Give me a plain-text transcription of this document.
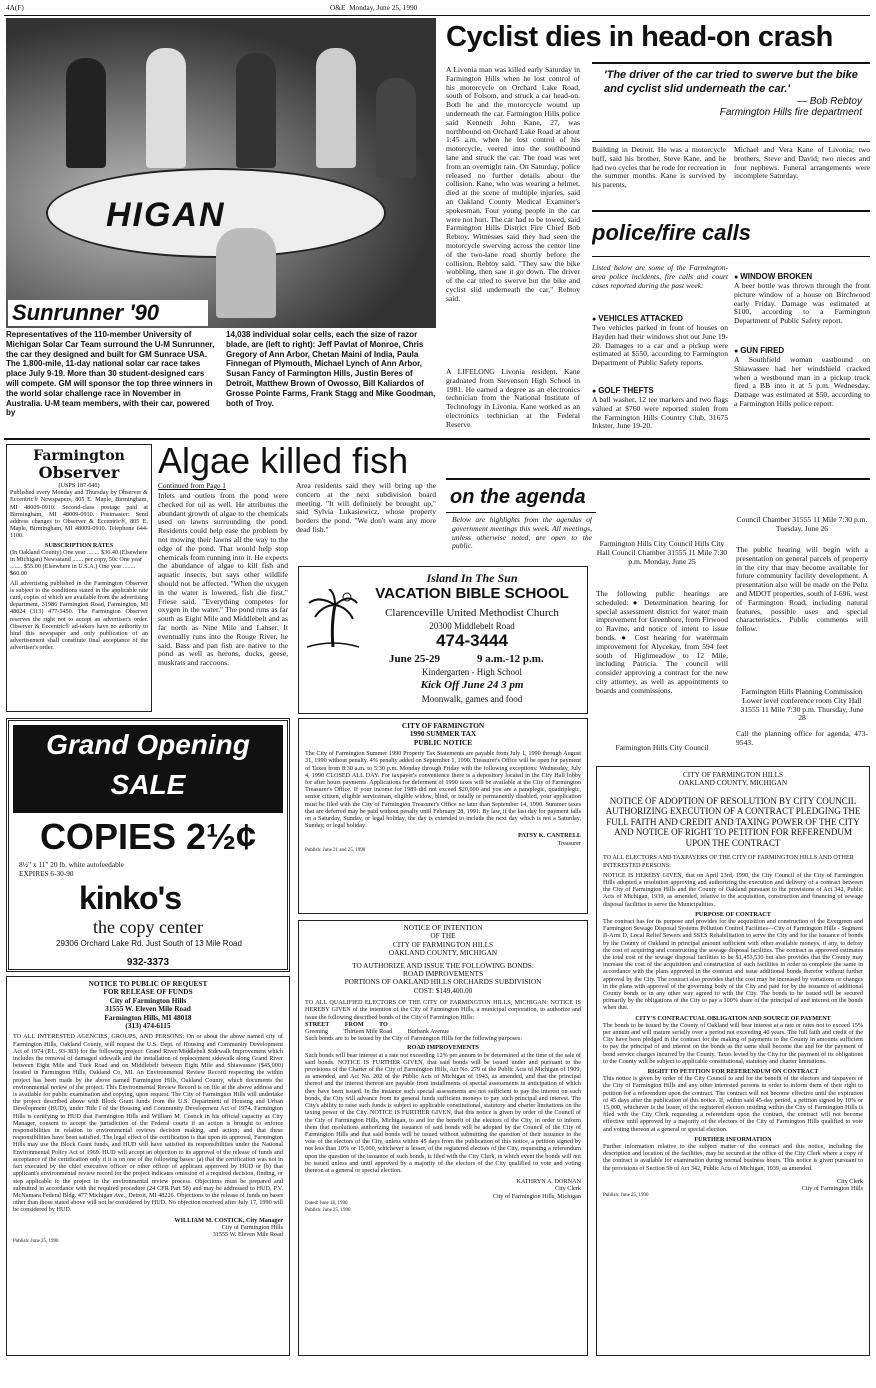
4A(F)	O&E Monday, June 25, 1990
HIGAN
Sunrunner '90
Representatives of the 110-member University of Michigan Solar Car Team surround the U-M Sunrunner, the car they designed and built for GM Sunrace USA. The 1,800-mile, 11-day national solar car race takes place July 9-19. More than 30 student-designed cars will compete. GM will sponsor the top three winners in the world solar challenge race in November in Australia. U-M team members, with their car, powered by
14,038 individual solar cells, each the size of razor blade, are (left to right): Jeff Pavlat of Monroe, Chris Gregory of Ann Arbor, Chetan Maini of India, Paula Finnegan of Plymouth, Michael Lynch of Ann Arbor, Susan Fancy of Farmington Hills, Justin Beres of Detroit, Matthew Brown of Owosso, Bill Kaliardos of Grosse Pointe Farms, Frank Stagg and Mike Goodman, both of Troy.
Cyclist dies in head-on crash
A Livonia man was killed early Saturday in Farmington Hills when he lost control of his motorcycle on Orchard Lake Road, south of Folsom, and struck a car head-on. Both he and the motorcycle wound up underneath the car. Farmington Hills police said Kenneth John Kane, 27, was northbound on Orchard Lake Road at about 1:45 a.m. when he lost control of his motorcycle, veered into the southbound lane and struck the car. The road was wet from an overnight rain. On Saturday, police released no further details about the collision. Kane, who was wearing a helmet, died at the scene of multiple injuries, said an Oakland County Medical Examiner's spokesman. Four young people in the car were not hurt. The car had to be towed, said Farmington Hills District Fire Chief Bob Rebtoy. Witnesses said they had seen the motorcycle swerving across the center line of the two-lane road shortly before the collision, Rebtoy said. "They saw the bike wobbling, then saw it go down. The driver of the car tried to swerve but the bike and cyclist slid underneath the car," Rebtoy said.
'The driver of the car tried to swerve but the bike and cyclist slid underneath the car.'
— Bob Rebtoy
Farmington Hills fire department
Building in Detroit. He was a motorcycle buff, said his brother, Steve Kane, and he had two cycles that he rode for recreation in the summer months. Kane is survived by his parents,
Michael and Vera Kane of Livonia; two brothers, Steve and David; two nieces and four nephews. Funeral arrangements were incomplete Saturday.
A LIFELONG Livonia resident, Kane graduated from Stevenson High School in 1981. He earned a degree as an electronics technician from the National Institute of Technology in Livonia. Kane worked as an electronics technician at the Federal Reserve
police/fire calls
Listed below are some of the Farmington-area police incidents, fire calls and court cases reported during the past week:
● VEHICLES ATTACKED
Two vehicles parked in front of houses on Hayden had their windows shot out June 19-20. Damages to a car and a pickup were estimated at $550, according to Farmington Department of Public Safety reports.
● GOLF THEFTS
A ball washer, 12 tee markers and two flags valued at $760 were reported stolen from the Farmington Hills Country Club, 31675 Inkster, June 19-20.
● WINDOW BROKEN
A beer bottle was thrown through the front picture window of a house on Birchwood early Friday. Damage was estimated at $100, according to a Farmington Department of Public Safety report.
● GUN FIRED
A Southfield woman eastbound on Shiawassee had her windshield cracked when a westbound man in a pickup truck fired a BB into it at 5 p.m. Wednesday. Damage was estimated at $50, according to a Farmington Hills police report.
Farmington
Observer
(USPS 187-640)
Published every Monday and Thursday by Observer & Eccentric® Newspapers, 805 E. Maple, Birmingham, MI 48009-0910. Second-class postage paid at Birmingham, MI 48009-0910. Postmaster: Send address changes to Observer & Eccentric®, 805 E. Maple, Birmingham, MI 48009-0910. Telephone 644-1100.
SUBSCRIPTION RATES
(In Oakland County) One year ........ $36.40 (Elsewhere in Michigan) Newsstand ....... per copy, 50c One year ........ $55.00 (Elsewhere in U.S.A.) One year ........ $60.00
All advertising published in the Farmington Observer is subject to the conditions stated in the applicable rate card, copies of which are available from the advertising department, 31986 Farmington Road, Farmington, MI 48024 (313) 477-5450. The Farmington Observer reserves the right not to accept an advertiser's order. Observer & Eccentric® ad-takers have no authority to bind this newspaper and only publication of an advertisement shall constitute final acceptance of the advertiser's order.
Algae killed fish
Continued from Page 1
Inlets and outlets from the pond were checked for oil as well. He attributes the abundant growth of algae to the chemicals used on lawns surrounding the pond. Residents could help ease the problem by not mowing their lawns all the way to the edge of the pond. That would help stop chemicals from running into it. He expects the abundance of algae to kill fish and aquatic insects, but says other wildlife should not be affected. "When the oxygen in the water is lowered, fish die first," Friese said. "Everything competes for oxygen in the water." The pond runs as far south as Eight Mile and Middlebelt and as far north as Nine Mile and Lahser. It eventually runs into the Rouge River, he said. Bass and pan fish are native to the pond as well as herons, ducks, geese, muskrats and raccoons.
Area residents said they will bring up the concern at the next subdivision board meeting. "It will definitely be brought up," said Sylvia Lukasiewicz, whose property borders the pond. "We don't want any more dead fish."
on the agenda
Below are highlights from the agendas of government meetings this week. All meetings, unless otherwise noted, are open to the public.	Farmington Hills City Council Hills City Hall Council Chamber 31555 11 Mile 7:30 p.m. Monday, June 25
The following public hearings are scheduled: ● Determination hearing for special assessment district for water main improvement for Greenbore, from Firwood to Ravine, and notice of intent to issue bonds. ● Cost hearing for watermain improvement for Alycekay, from 594 feet south of Highmeadow to 12 Mile, including Patricia. The council will consider approving a contract for the new city attorney, as well as appointments to boards and commissions.
Farmington Hills City Council
Council Chamber 31555 11 Mile 7:30 p.m. Tuesday, June 26
The public hearing will begin with a presentation on general parcels of property in the city that may become available for future community facility development. A presentation also will be made on the Peltz and MDOT properties, south of I-696, west of Farmington Road, including natural features, possible uses and special characteristics. Public comments will follow.
Farmington Hills Planning Commission Lower level conference room City Hall 31555 11 Mile 7:30 p.m. Thursday, June 28
Call the planning office for agenda, 473-9543.
Island In The Sun
VACATION BIBLE SCHOOL
Clarenceville United Methodist Church
20300 Middlebelt Road
474-3444
June 25-29	9 a.m.-12 p.m.
Kindergarten - High School
Kick Off June 24 3 pm
Moonwalk, games and food
Grand Opening
SALE
COPIES 2½¢
8½" x 11" 20 lb. white autofeedable
EXPIRES 6-30-90
kinko's
the copy center
29306 Orchard Lake Rd. Just South of 13 Mile Road
932-3373
CITY OF FARMINGTON
1990 SUMMER TAX
PUBLIC NOTICE
The City of Farmington Summer 1990 Property Tax Statements are payable from July 1, 1990 through August 31, 1990 without penalty. 4% penalty added on September 1, 1990. Treasurer's Office will be open for payment of Taxes from 8:30 a.m. to 5:30 p.m. Monday through Friday with the following exceptions: Wednesday, July 4, 1990 CLOSED ALL DAY. For taxpayer's convenience there is a depository located in the City Hall lobby for after hours payments. Applications for deferment of 1990 taxes will be available at the City of Farmington Treasurer's Office. If your income for 1989 did not exceed $20,000 and you are a paraplegic, quadriplegic, senior citizen, eligible serviceman, eligible widow, blind, or totally or permanently disabled, your application must be filed with the City of Farmington Treasurer's Office no later than September 14, 1990. Summer taxes that are deferred may be paid without penalty until February 28, 1991. By law, if the last day for payment falls on a Saturday, Sunday, or legal holiday, the day is extended to include the next day which is not a Saturday, Sunday, or legal holiday.
PATSY K. CANTRELL
Treasurer
Publish: June 21 and 25, 1990
NOTICE TO PUBLIC OF REQUEST
FOR RELEASE OF FUNDS
City of Farmington Hills
31555 W. Eleven Mile Road
Farmington Hills, MI 48018
(313) 474-6115
TO ALL INTERESTED AGENCIES, GROUPS, AND PERSONS: On or about the above named city of Farmington Hills, Oakland County, will request the U.S. Dept. of Housing and Community Development Act of 1974 (P.L. 93-383) for the following project: Grand River/Middlebelt Sidewalk Improvement which includes the removal of damaged sidewalk and the installation of replacement sidewalk along Grand River between Eight Mile and Tuck Road and on Middlebelt between Eight Mile and Shiawassee ($45,000) located in Farmington Hills, Oakland Co, MI. An Environmental Review Record respecting the within project has been made by the above named Farmington Hills, Oakland County, which documents the environmental review of the project. This Environmental Review Record is on file at the above address and is available for public examination and copying, upon request. The City of Farmington Hills will undertake the project described above with Block Grant funds from the U.S. Department of Housing and Urban Development (HUD), under Title I of the Housing and Community Development Act of 1974. Farmington Hills is certifying to HUD that Farmington Hills and William M. Costick in his official capacity as City Manager, consent to accept the jurisdiction of the Federal courts if an action is brought to enforce responsibilities in relation to environmental reviews decision making, and action; and that these responsibilities have been satisfied. The legal effect of the certification is that upon its approval, Farmington Hills may use the Block Grant funds, and HUD will have satisfied its responsibilities under the National Environmental Policy Act of 1969. HUD will accept an objection to its approval of the release of funds and acceptance of the certification only if it is on one of the following bases: (a) that the certification was not in fact executed by the chief executive officer or other officer of applicant approved by HUD or (b) that applicant's environmental review record for the project indicates omission of a required decision, finding, or step applicable to the project in the environmental review process. Objections must be prepared and submitted in accordance with the required procedure (24 CFR Part 58) and may be addressed to HUD, P.V. McNamara Federal Bldg. 477 Michigan Ave., Detroit, MI 48226. Objections to the release of funds on bases other than those stated above will not be considered by HUD. No objection received after July 17, 1990 will be considered by HUD.
WILLIAM M. COSTICK, City Manager
City of Farmington Hills
31555 W. Eleven Mile Road
Publish: June 25, 1990
NOTICE OF INTENTION
OF THE
CITY OF FARMINGTON HILLS
OAKLAND COUNTY, MICHIGAN
TO AUTHORIZE AND ISSUE THE FOLLOWING BONDS:
ROAD IMPROVEMENTS
PORTIONS OF OAKLAND HILLS ORCHARDS SUBDIVISION
COST: $149,400.00
TO ALL QUALIFIED ELECTORS OF THE CITY OF FARMINGTON HILLS, MICHIGAN: NOTICE IS HEREBY GIVEN of the intention of the City of Farmington Hills, a municipal corporation, to authorize and issue the following described bonds of the City of Farmington Hills:
STREET          FROM          TO
Greening          Thirteen Mile Road          Burbank Avenue
Such bonds are to be issued by the City of Farmington Hills for the following purposes:
ROAD IMPROVEMENTS
Such bonds will bear interest at a rate not exceeding 12% per annum to be determined at the time of the sale of said bonds. NOTICE IS FURTHER GIVEN, that said bonds will be issued under and pursuant to the provisions of the Charter of the City of Farmington Hills, Act No. 279 of the Public Acts of Michigan of 1909, as amended, and Act No. 202 of the Public Acts of Michigan of 1943, as amended, and that the principal thereof and the interest thereon are payable from installments of special assessments in anticipation of which they have been issued. In the instance such special assessments are not sufficient to pay the interest on such bonds, the City will advance from its general funds sufficient moneys to pay such principal and interest. The City's ability to raise such funds is subject to applicable constitutional, statutory and charter limitations on the taxing power of the City. NOTICE IS FURTHER GIVEN, that this notice is given by order of the Council of the City of Farmington Hills, Michigan, to and for the benefit of the electors of the City, in order to inform them that resolutions authorizing the issuance of said bonds will be adopted by the Council of the City of Farmington Hills and that said bonds will be issued without submitting the question of their issuance to the vote of the electors of the City, unless within 45 days from the publication of this notice, a petition signed by not less than 10% or 15,000, whichever is lesser, of the registered electors of the City, requesting a referendum upon the question of the issuance of such bonds, is filed with the City Clerk, in which event the bonds will not be issued unless and until approved by a majority of the electors of the City qualified to vote and voting thereon at a general or special election.
KATHRYN A. DORNAN
City Clerk
City of Farmington Hills, Michigan
Dated: June 18, 1990
Publish: June 25, 1990
CITY OF FARMINGTON HILLS
OAKLAND COUNTY, MICHIGAN
NOTICE OF ADOPTION OF RESOLUTION BY CITY COUNCIL AUTHORIZING EXECUTION OF A CONTRACT PLEDGING THE FULL FAITH AND CREDIT AND TAXING POWER OF THE CITY AND NOTICE OF RIGHT TO PETITION FOR REFERENDUM UPON THE CONTRACT
TO ALL ELECTORS AND TAXPAYERS OF THE CITY OF FARMINGTON HILLS AND OTHER INTERESTED PERSONS:
NOTICE IS HEREBY GIVEN, that on April 23rd, 1990, the City Council of the City of Farmington Hills adopted a resolution approving and authorizing the execution and delivery of a contract between the City of Farmington Hills and the County of Oakland pursuant to the provisions of Act 342, Public Acts of Michigan, 1939, as amended, relative to the acquisition, construction and financing of sewage disposal facilities to serve the Municipalities.
PURPOSE OF CONTRACT
The contract has for its purpose and provides for the acquisition and construction of the Evergreen and Farmington Sewage Disposal Systems Pollution Control Facilities—City of Farmington Hills - Segment II-Arm D, Local Relief Sewers and SSES Rehabilitation to serve the City and for the issuance of bonds by the County of Oakland in principal amount sufficient with other available moneys, if any, to defray the cost of acquiring and constructing the sewage disposal facilities. The contract as approved estimates the total cost of the sewage disposal facilities to be $1,453,530 but also provides that the County may increase the cost of the acquisition and construction of such facilities in order to complete the same in accordance with the plans approved in the contract and issue additional bonds therefor without further approval by the City. The contract also provides that the cost may be increased by variations or changes in the plans with approval of the governing body of the City and paid for by the issuance of additional County bonds or in any other way agreed to with the City. The bonds to be issued will be secured primarily by the obligations of the City to pay a 100% share of the principal of and interest on the bonds when due.
CITY'S CONTRACTUAL OBLIGATION AND SOURCE OF PAYMENT
The bonds to be issued by the County of Oakland will bear interest at a rate or rates not to exceed 15% per annum and will mature serially over a period not exceeding 40 years. The full faith and credit of the City have been pledged in the contract for the making of payments to the County in amounts sufficient to pay the principal of and interest on the bonds as the same shall become due and for the payment of bond service charges incurred by the County. Taxes levied by the City for the payment of its obligations to the County will be subject to applicable constitutional, statutory and charter limitations.
RIGHT TO PETITION FOR REFERENDUM ON CONTRACT
This notice is given by order of the City Council to and for the benefit of the electors and taxpayers of the City of Farmington Hills and any other interested persons in order to inform them of their right to petition for a referendum upon the contract. The contract will not become effective until the expiration of 45 days after the publication of this notice. If, within said 45-day period, a petition signed by 10% or 15,000, whichever is the lesser, of the registered electors residing within the City of Farmington Hills is filed with the City Clerk requesting a referendum upon the contract, the contract will not become effective until approved by a majority of the electors of the City of Farmington Hills qualified to vote and voting thereon at a general or special election.
FURTHER INFORMATION
Further information relative to the subject matter of the contract and this notice, including the description and location of the facilities, may be secured at the office of the City Clerk where a copy of the contract is available for examination during normal business hours. This notice is given pursuant to the provisions of Section 5b of Act 342, Public Acts of Michigan, 1939, as amended.
City Clerk
City of Farmington Hills
Publish: June 25, 1990
